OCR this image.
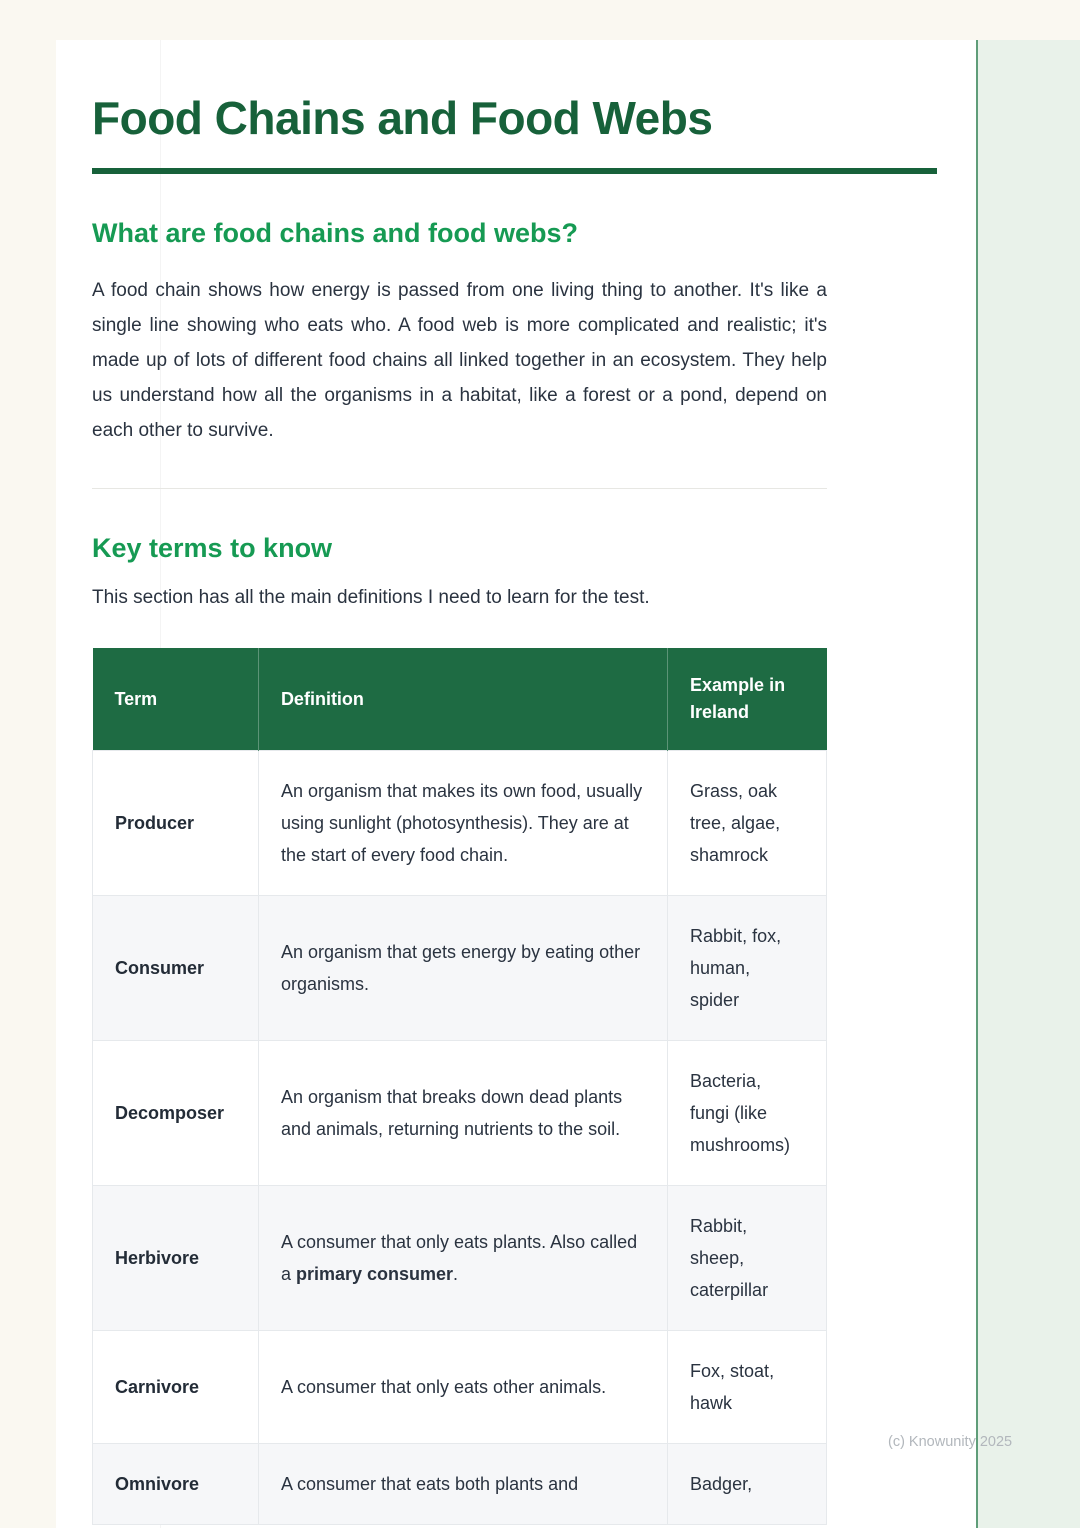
Food Chains and Food Webs
What are food chains and food webs?

A food chain shows how energy is passed from one living thing to another. It's like a single line showing who eats who. A food web is more complicated and realistic; it's made up of lots of different food chains all linked together in an ecosystem. They help us understand how all the organisms in a habitat, like a forest or a pond, depend on each other to survive.

Key terms to know

This section has all the main definitions I need to learn for the test.

Term	Definition	Example in Ireland
Producer	An organism that makes its own food, usually using sunlight (photosynthesis). They are at the start of every food chain.	Grass, oak tree, algae, shamrock
Consumer	An organism that gets energy by eating other organisms.	Rabbit, fox, human, spider
Decomposer	An organism that breaks down dead plants and animals, returning nutrients to the soil.	Bacteria, fungi (like mushrooms)
Herbivore	A consumer that only eats plants. Also called a primary consumer.	Rabbit, sheep, caterpillar
Carnivore	A consumer that only eats other animals.	Fox, stoat, hawk
Omnivore	A consumer that eats both plants and	Badger,
(c) Knowunity 2025
